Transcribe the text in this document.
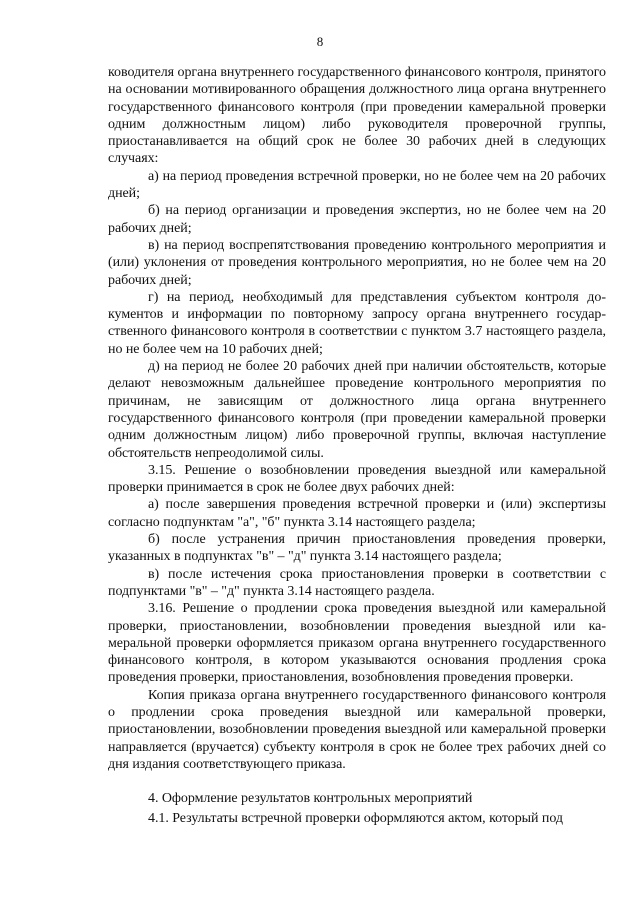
8

ководителя органа внутреннего государственного финансового контроля, принятого на основании мотивированного обращения должностного лица органа внутреннего государственного финансового контроля (при проведении камеральной проверки одним должностным лицом) либо руководителя проверочной группы, приостанавливается на общий срок не более 30 рабочих дней в следующих случаях:

а) на период проведения встречной проверки, но не более чем на 20 рабочих дней;

б) на период организации и проведения экспертиз, но не более чем на 20 рабочих дней;

в) на период воспрепятствования проведению контрольного мероприятия и (или) уклонения от проведения контрольного мероприятия, но не более чем на 20 рабочих дней;

г) на период, необходимый для представления субъектом контроля документов и информации по повторному запросу органа внутреннего государственного финансового контроля в соответствии с пунктом 3.7 настоящего раздела, но не более чем на 10 рабочих дней;

д) на период не более 20 рабочих дней при наличии обстоятельств, которые делают невозможным дальнейшее проведение контрольного мероприятия по причинам, не зависящим от должностного лица органа внутреннего государственного финансового контроля (при проведении камеральной проверки одним должностным лицом) либо проверочной группы, включая наступление обстоятельств непреодолимой силы.

3.15. Решение о возобновлении проведения выездной или камеральной проверки принимается в срок не более двух рабочих дней:

а) после завершения проведения встречной проверки и (или) экспертизы согласно подпунктам "а", "б" пункта 3.14 настоящего раздела;

б) после устранения причин приостановления проведения проверки, указанных в подпунктах "в" – "д" пункта 3.14 настоящего раздела;

в) после истечения срока приостановления проверки в соответствии с подпунктами "в" – "д" пункта 3.14 настоящего раздела.

3.16. Решение о продлении срока проведения выездной или камеральной проверки, приостановлении, возобновлении проведения выездной или камеральной проверки оформляется приказом органа внутреннего государственного финансового контроля, в котором указываются основания продления срока проведения проверки, приостановления, возобновления проведения проверки.

Копия приказа органа внутреннего государственного финансового контроля о продлении срока проведения выездной или камеральной проверки, приостановлении, возобновлении проведения выездной или камеральной проверки направляется (вручается) субъекту контроля в срок не более трех рабочих дней со дня издания соответствующего приказа.

4. Оформление результатов контрольных мероприятий

4.1. Результаты встречной проверки оформляются актом, который под
